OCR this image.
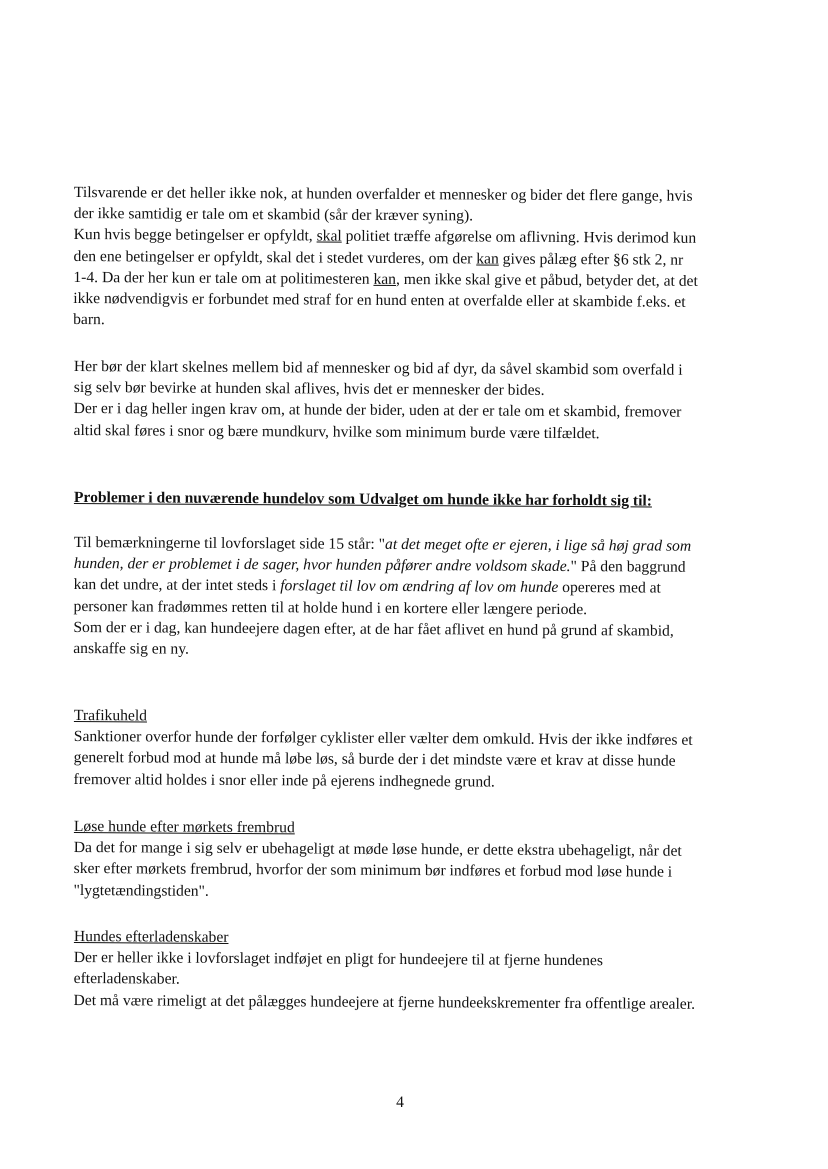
Tilsvarende er det heller ikke nok, at hunden overfalder et mennesker og bider det flere gange, hvis

der ikke samtidig er tale om et skambid (sår der kræver syning).

Kun hvis begge betingelser er opfyldt, skal politiet træffe afgørelse om aflivning. Hvis derimod kun

den ene betingelser er opfyldt, skal det i stedet vurderes, om der kan gives pålæg efter §6 stk 2, nr

1-4. Da der her kun er tale om at politimesteren kan, men ikke skal give et påbud, betyder det, at det

ikke nødvendigvis er forbundet med straf for en hund enten at overfalde eller at skambide f.eks. et

barn.

Her bør der klart skelnes mellem bid af mennesker og bid af dyr, da såvel skambid som overfald i

sig selv bør bevirke at hunden skal aflives, hvis det er mennesker der bides.

Der er i dag heller ingen krav om, at hunde der bider, uden at der er tale om et skambid, fremover

altid skal føres i snor og bære mundkurv, hvilke som minimum burde være tilfældet.

Problemer i den nuværende hundelov som Udvalget om hunde ikke har forholdt sig til:

Til bemærkningerne til lovforslaget side 15 står: "at det meget ofte er ejeren, i lige så høj grad som

hunden, der er problemet i de sager, hvor hunden påfører andre voldsom skade." På den baggrund

kan det undre, at der intet steds i forslaget til lov om ændring af lov om hunde opereres med at

personer kan fradømmes retten til at holde hund i en kortere eller længere periode.

Som der er i dag, kan hundeejere dagen efter, at de har fået aflivet en hund på grund af skambid,

anskaffe sig en ny.

Trafikuheld

Sanktioner overfor hunde der forfølger cyklister eller vælter dem omkuld. Hvis der ikke indføres et

generelt forbud mod at hunde må løbe løs, så burde der i det mindste være et krav at disse hunde

fremover altid holdes i snor eller inde på ejerens indhegnede grund.

Løse hunde efter mørkets frembrud

Da det for mange i sig selv er ubehageligt at møde løse hunde, er dette ekstra ubehageligt, når det

sker efter mørkets frembrud, hvorfor der som minimum bør indføres et forbud mod løse hunde i

"lygtetændingstiden".

Hundes efterladenskaber

Der er heller ikke i lovforslaget indføjet en pligt for hundeejere til at fjerne hundenes

efterladenskaber.

Det må være rimeligt at det pålægges hundeejere at fjerne hundeekskrementer fra offentlige arealer.

4
